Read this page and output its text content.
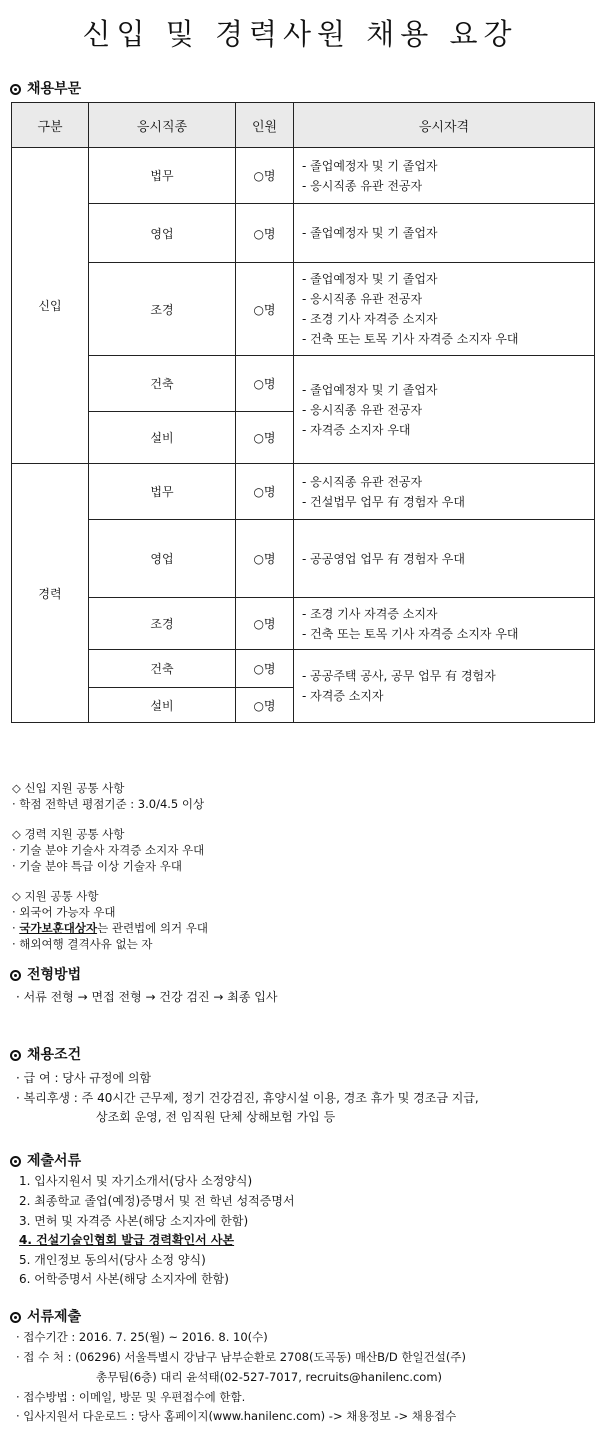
신입 및 경력사원 채용 요강
채용부문
구분	응시직종	인원	응시자격
신입	법무	○명	- 졸업예정자 및 기 졸업자
- 응시직종 유관 전공자

	영업	○명	- 졸업예정자 및 기 졸업자

	조경	○명	- 졸업예정자 및 기 졸업자
- 응시직종 유관 전공자
- 조경 기사 자격증 소지자
- 건축 또는 토목 기사 자격증 소지자 우대

	건축	○명	- 졸업예정자 및 기 졸업자
- 응시직종 유관 전공자
- 자격증 소지자 우대

	설비	○명	
경력	법무	○명	- 응시직종 유관 전공자
- 건설법무 업무 有 경험자 우대

	영업	○명	- 공공영업 업무 有 경험자 우대

	조경	○명	- 조경 기사 자격증 소지자
- 건축 또는 토목 기사 자격증 소지자 우대

	건축	○명	- 공공주택 공사, 공무 업무 有 경험자
- 자격증 소지자

	설비	○명	
◇ 신입 지원 공통 사항
· 학점 전학년 평점기준 : 3.0/4.5 이상
◇ 경력 지원 공통 사항
· 기술 분야 기술사 자격증 소지자 우대
· 기술 분야 특급 이상 기술자 우대
◇ 지원 공통 사항
· 외국어 가능자 우대
· 국가보훈대상자는 관련법에 의거 우대
· 해외여행 결격사유 없는 자
전형방법
· 서류 전형 → 면접 전형 → 건강 검진 → 최종 입사
채용조건
· 급 여 : 당사 규정에 의함
· 복리후생 : 주 40시간 근무제, 정기 건강검진, 휴양시설 이용, 경조 휴가 및 경조금 지급,
상조회 운영, 전 임직원 단체 상해보험 가입 등
제출서류
1. 입사지원서 및 자기소개서(당사 소정양식)
2. 최종학교 졸업(예정)증명서 및 전 학년 성적증명서
3. 면허 및 자격증 사본(해당 소지자에 한함)
4. 건설기술인협회 발급 경력확인서 사본
5. 개인정보 동의서(당사 소정 양식)
6. 어학증명서 사본(해당 소지자에 한함)
서류제출
· 접수기간 : 2016. 7. 25(월) ~ 2016. 8. 10(수)
· 접 수 처 : (06296) 서울특별시 강남구 남부순환로 2708(도곡동) 매산B/D 한일건설(주)
총무팀(6층) 대리 윤석태(02-527-7017, recruits@hanilenc.com)
· 접수방법 : 이메일, 방문 및 우편접수에 한함.
· 입사지원서 다운로드 : 당사 홈페이지(www.hanilenc.com) -> 채용정보 -> 채용접수
